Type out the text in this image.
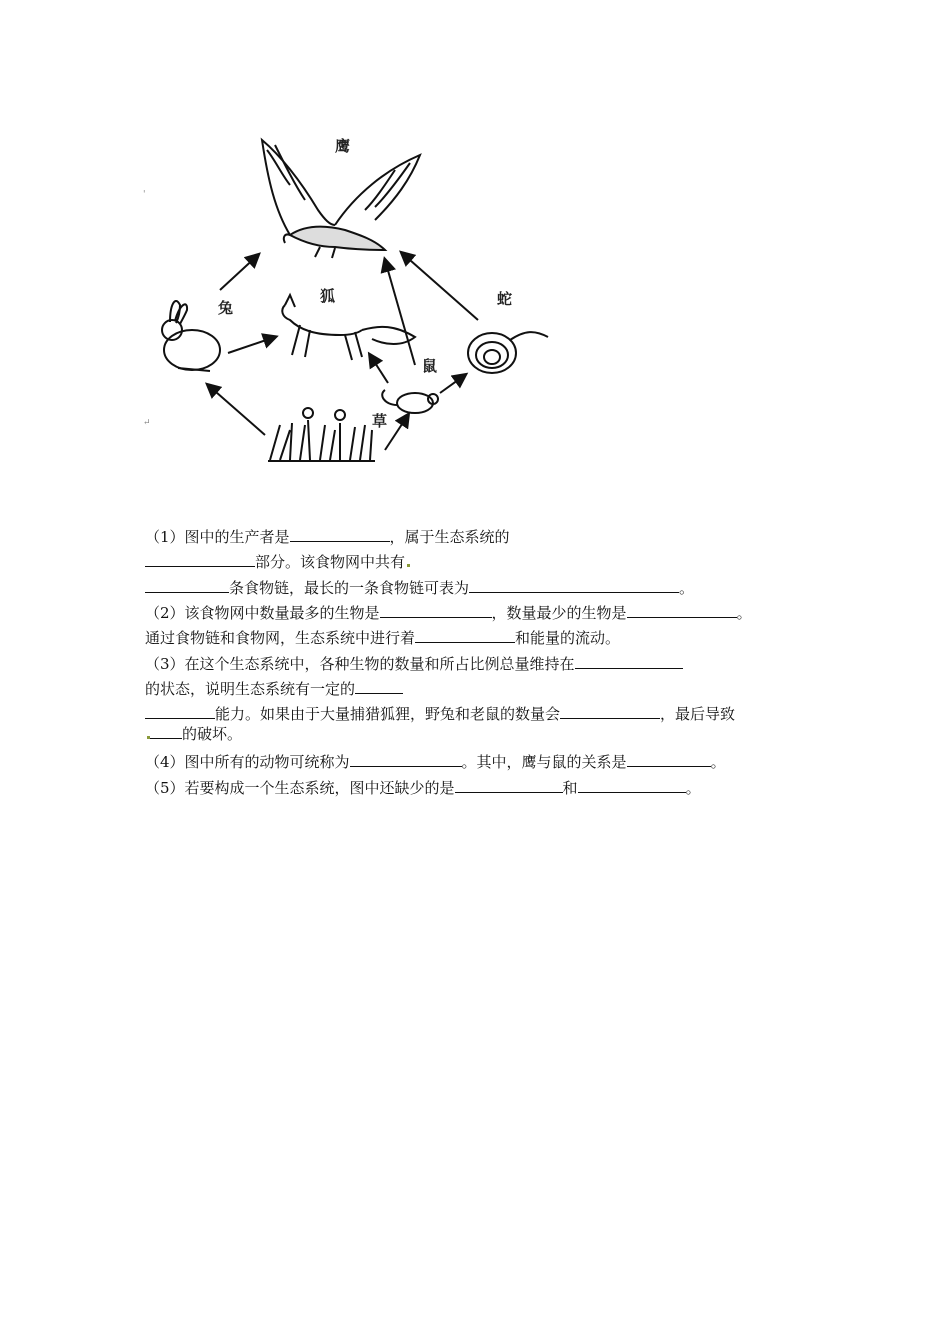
鹰
兔
狐	蛇
鼠
草
'
↵
（1）图中的生产者是	，属于生态系统的
部分。该食物网中共有
条食物链，最长的一条食物链可表为	。
（2）该食物网中数量最多的生物是	，数量最少的生物是	。
通过食物链和食物网，生态系统中进行着	和能量的流动。
（3）在这个生态系统中，各种生物的数量和所占比例总量维持在
的状态，说明生态系统有一定的
能力。如果由于大量捕猎狐狸，野兔和老鼠的数量会	，最后导致
的破坏。
（4）图中所有的动物可统称为	。其中，鹰与鼠的关系是	。
（5）若要构成一个生态系统，图中还缺少的是	和	。
